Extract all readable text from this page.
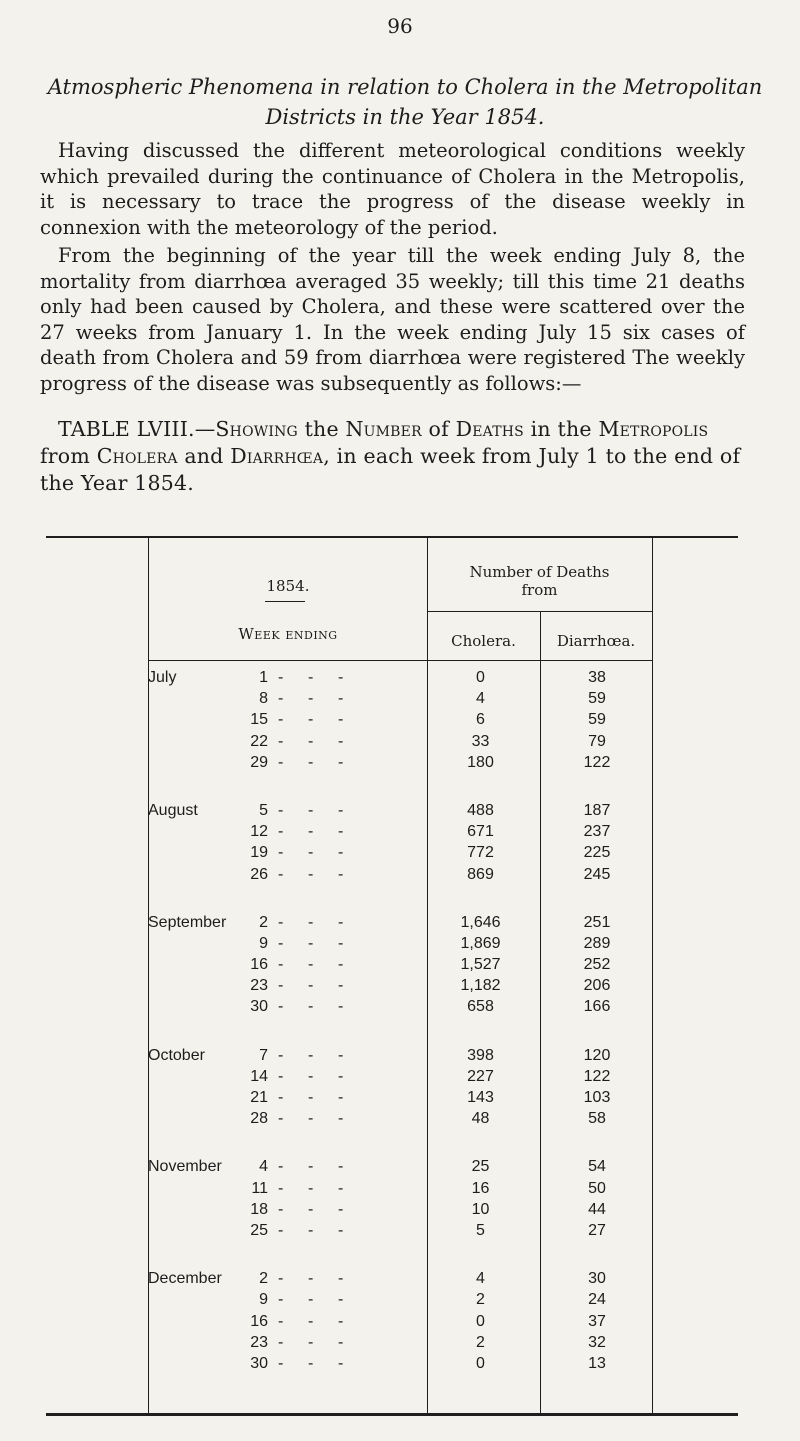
96
Atmospheric Phenomena in relation to Cholera in the Metropolitan
Districts in the Year 1854.
Having discussed the different meteorological conditions weekly which prevailed during the continuance of Cholera in the Metropolis, it is necessary to trace the progress of the disease weekly in connexion with the meteorology of the period.
From the beginning of the year till the week ending July 8, the mortality from diarrhœa averaged 35 weekly; till this time 21 deaths only had been caused by Cholera, and these were scattered over the 27 weeks from January 1. In the week ending July 15 six cases of death from Cholera and 59 from diarrhœa were registered The weekly progress of the disease was subsequently as follows:—
TABLE LVIII.—Showing the Number of Deaths in the Metropolis from Cholera and Diarrhœa, in each week from July 1 to the end of the Year 1854.
1854.
Week ending
Number of Deaths
from
Cholera.	Diarrhœa.
July	1 - - -	0	38
8 - - -	4	59
15 - - -	6	59
22 - - -	33	79
29 - - -	180	122
August	5 - - -	488	187
12 - - -	671	237
19 - - -	772	225
26 - - -	869	245
September 2 - - -	1,646	251
9 - - -	1,869	289
16 - - -	1,527	252
23 - - -	1,182	206
30 - - -	658	166
October	7 - - -	398	120
14 - - -	227	122
21 - - -	143	103
28 - - -	48	58
November 4 - - -	25	54
11 - - -	16	50
18 - - -	10	44
25 - - -	5	27
December 2 - - -	4	30
9 - - -	2	24
16 - - -	0	37
23 - - -	2	32
30 - - -	0	13
